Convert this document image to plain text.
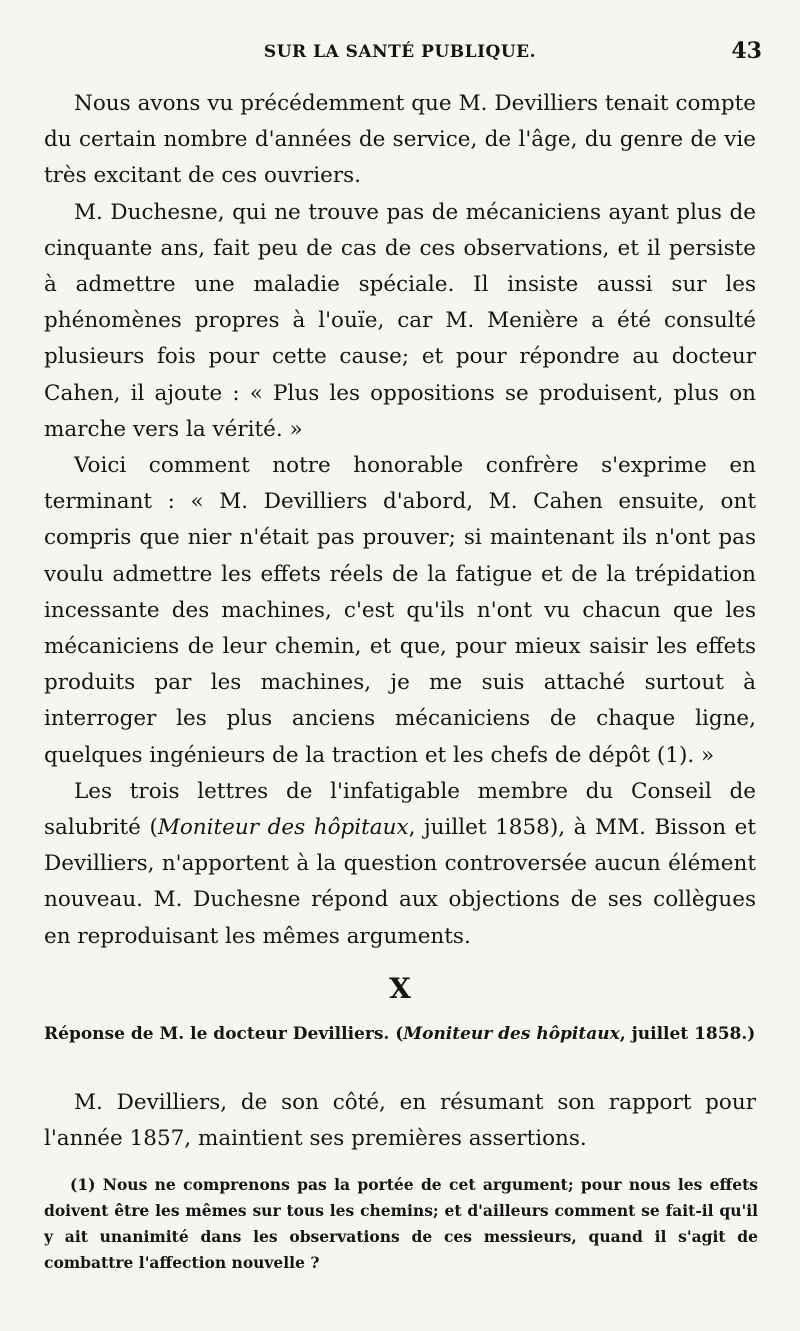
SUR LA SANTÉ PUBLIQUE.	43

Nous avons vu précédemment que M. Devilliers tenait compte du certain nombre d'années de service, de l'âge, du genre de vie très excitant de ces ouvriers.

M. Duchesne, qui ne trouve pas de mécaniciens ayant plus de cinquante ans, fait peu de cas de ces observations, et il persiste à admettre une maladie spéciale. Il insiste aussi sur les phénomènes propres à l'ouïe, car M. Menière a été consulté plusieurs fois pour cette cause; et pour répondre au docteur Cahen, il ajoute : « Plus les oppositions se produisent, plus on marche vers la vérité. »

Voici comment notre honorable confrère s'exprime en terminant : « M. Devilliers d'abord, M. Cahen ensuite, ont compris que nier n'était pas prouver; si maintenant ils n'ont pas voulu admettre les effets réels de la fatigue et de la trépidation incessante des machines, c'est qu'ils n'ont vu chacun que les mécaniciens de leur chemin, et que, pour mieux saisir les effets produits par les machines, je me suis attaché surtout à interroger les plus anciens mécaniciens de chaque ligne, quelques ingénieurs de la traction et les chefs de dépôt (1). »

Les trois lettres de l'infatigable membre du Conseil de salubrité (Moniteur des hôpitaux, juillet 1858), à MM. Bisson et Devilliers, n'apportent à la question controversée aucun élément nouveau. M. Duchesne répond aux objections de ses collègues en reproduisant les mêmes arguments.

X
Réponse de M. le docteur Devilliers. (Moniteur des hôpitaux, juillet 1858.)

M. Devilliers, de son côté, en résumant son rapport pour l'année 1857, maintient ses premières assertions.

(1) Nous ne comprenons pas la portée de cet argument; pour nous les effets doivent être les mêmes sur tous les chemins; et d'ailleurs comment se fait-il qu'il y ait unanimité dans les observations de ces messieurs, quand il s'agit de combattre l'affection nouvelle ?
